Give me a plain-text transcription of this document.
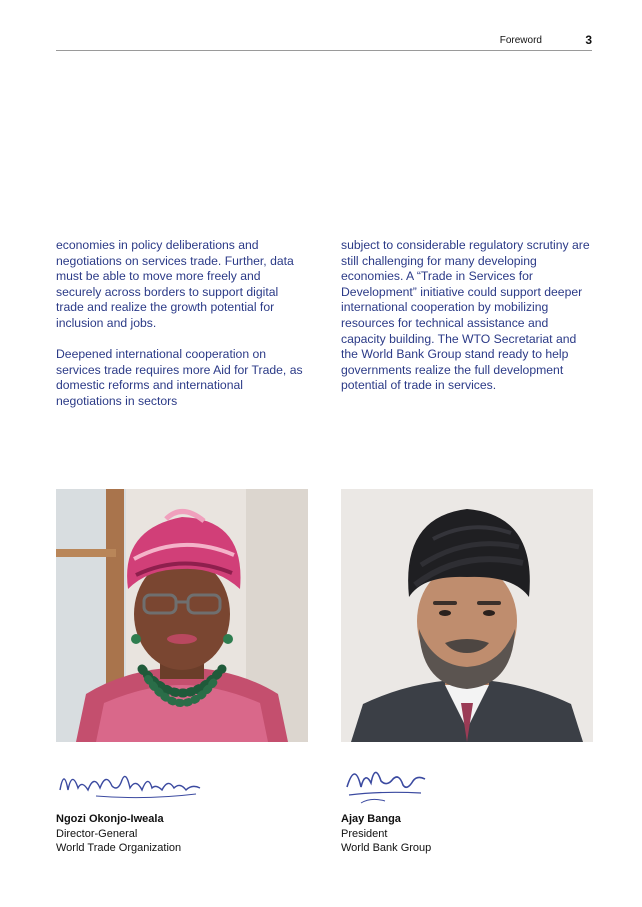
Foreword	3

economies in policy deliberations and negotiations on services trade. Further, data must be able to move more freely and securely across borders to support digital trade and realize the growth potential for inclusion and jobs.

Deepened international cooperation on services trade requires more Aid for Trade, as domestic reforms and international negotiations in sectors

subject to considerable regulatory scrutiny are still challenging for many developing economies. A “Trade in Services for Development” initiative could support deeper international cooperation by mobilizing resources for technical assistance and capacity building. The WTO Secretariat and the World Bank Group stand ready to help governments realize the full development potential of trade in services.

Ngozi Okonjo-Iweala
Director-General
World Trade Organization
Ajay Banga
President
World Bank Group
